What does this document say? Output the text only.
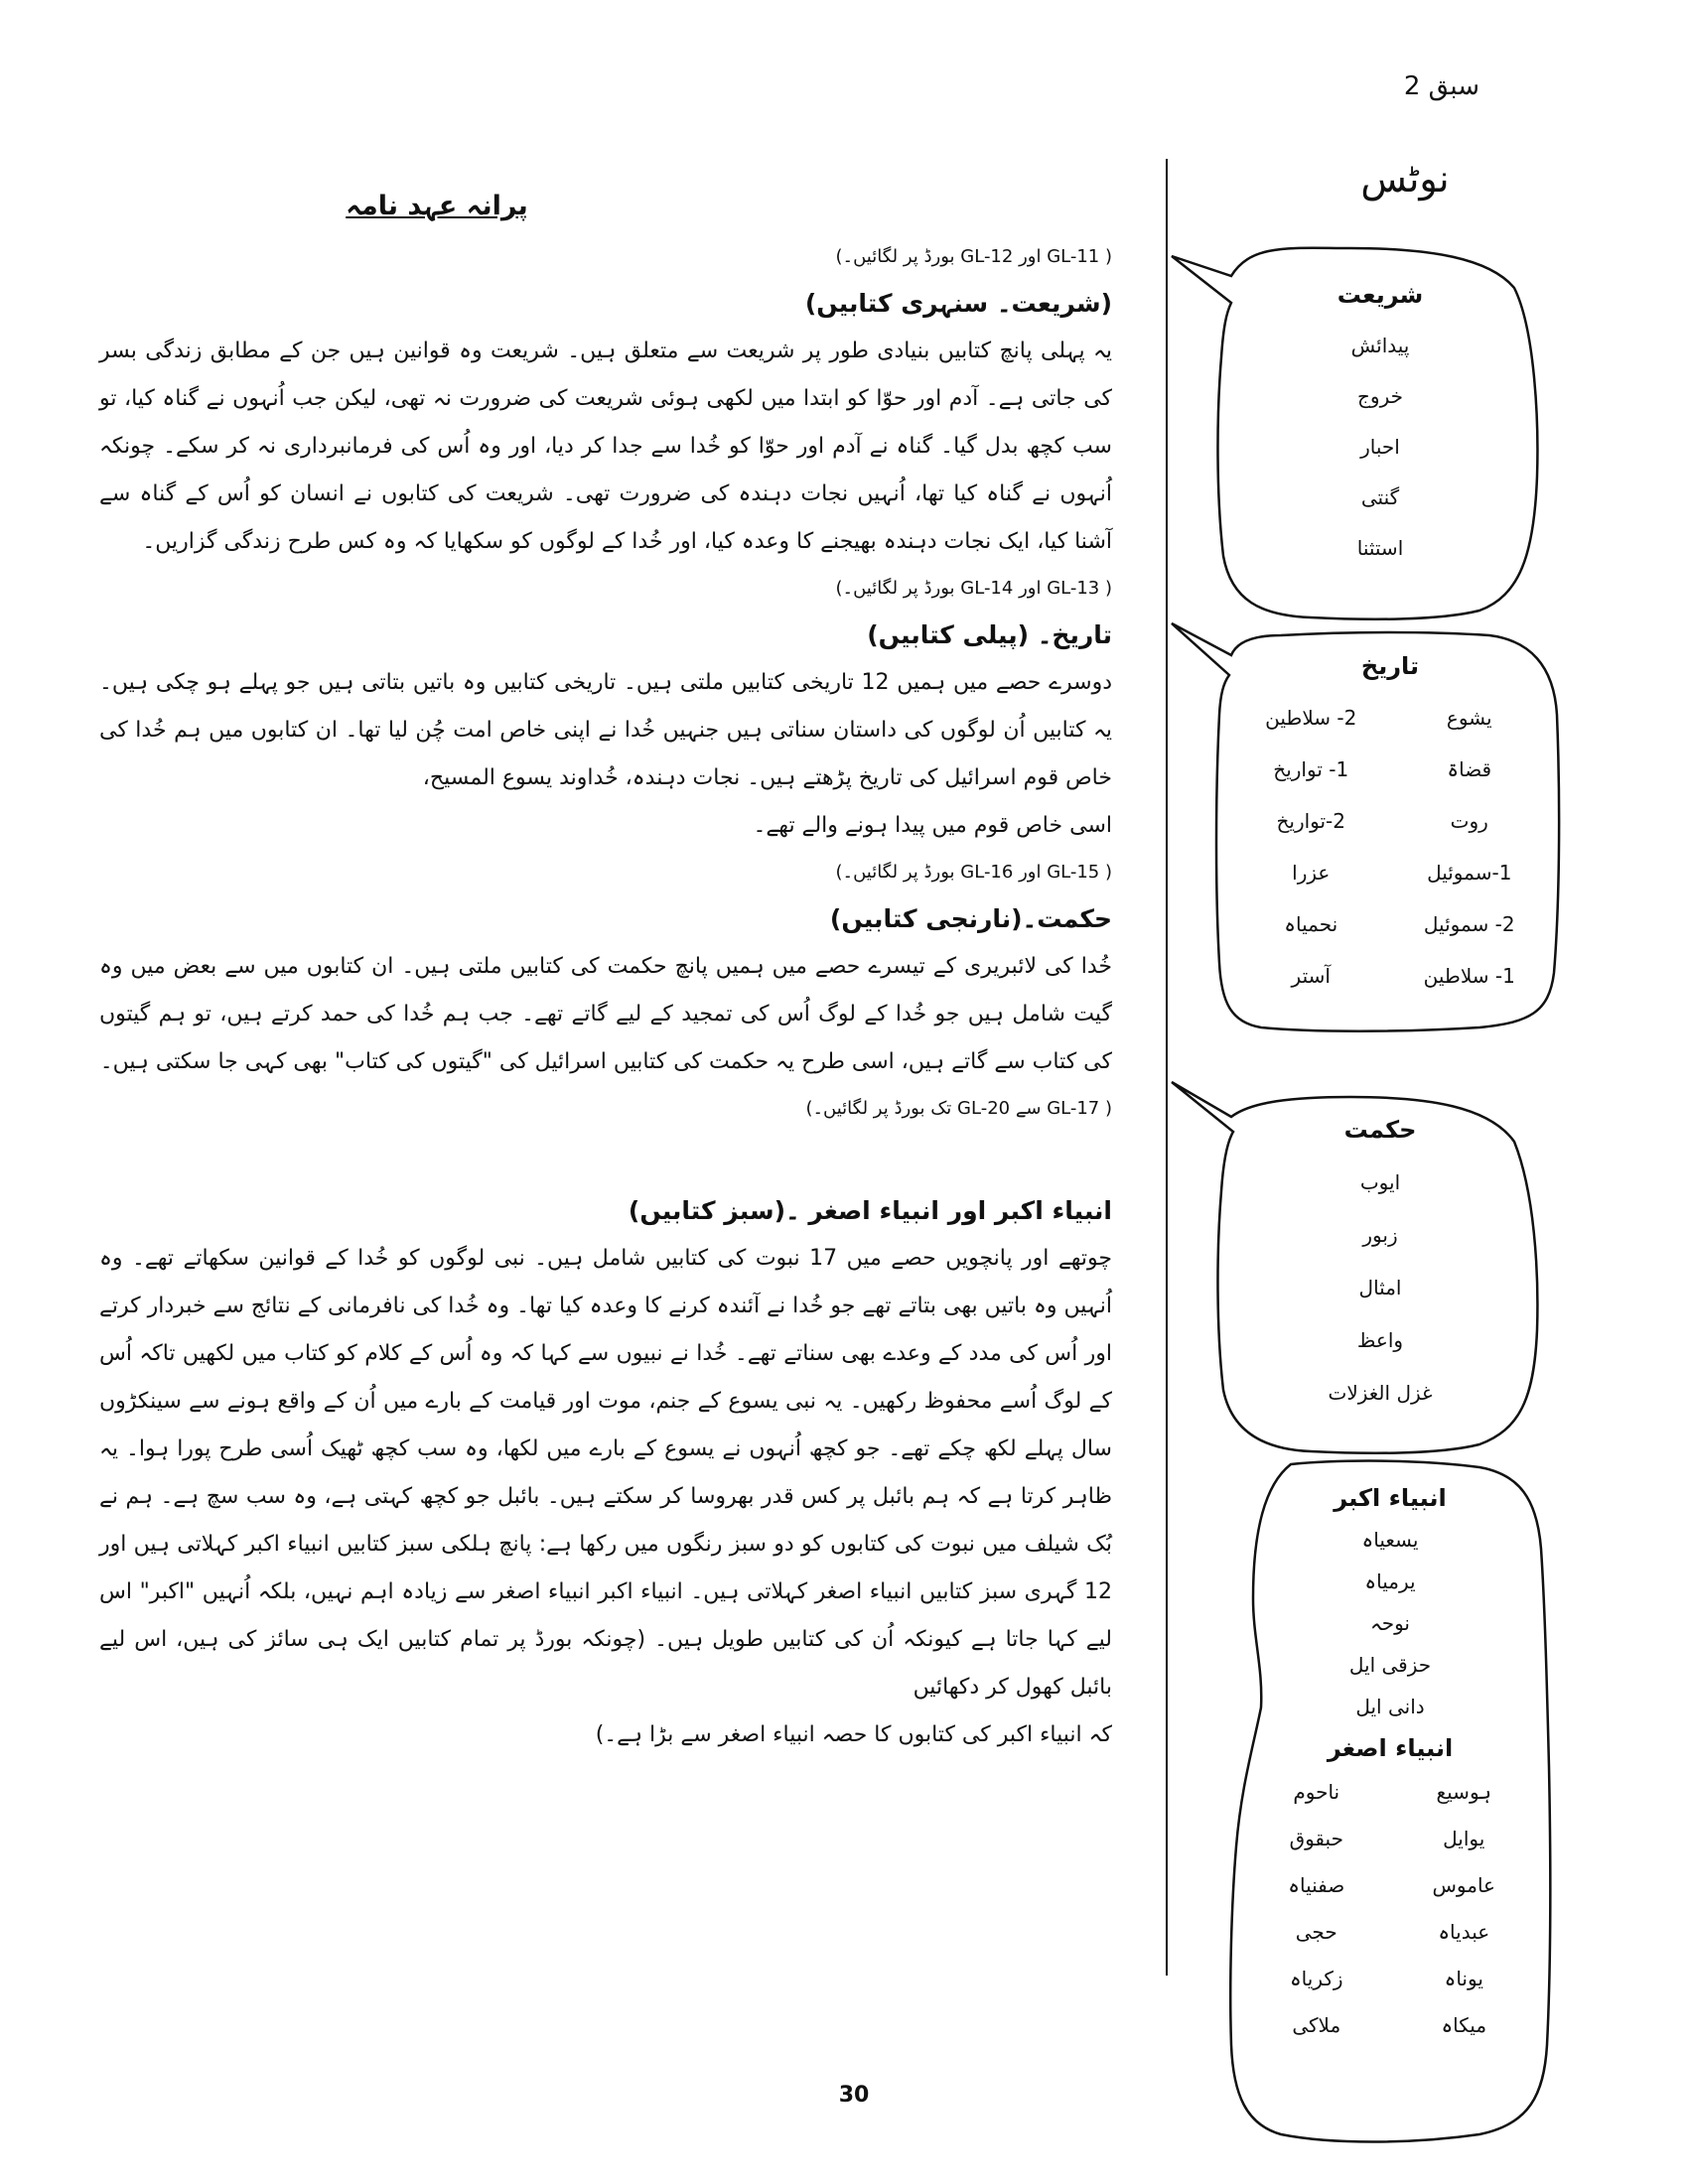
سبق 2
نوٹس
شریعت
پیدائش
خروج
احبار
گنتی
استثنا
تاریخ
یشوع
2- سلاطین
قضاۃ
1- تواریخ
روت
2-تواریخ
1-سموئیل
عزرا
2- سموئیل
نحمیاہ
1- سلاطین
آستر
حکمت
ایوب
زبور
امثال
واعظ
غزل الغزلات
انبیاء اکبر
یسعیاہ
یرمیاہ
نوحہ
حزقی ایل
دانی ایل
انبیاء اصغر
ہوسیع
ناحوم
یوایل
حبقوق
عاموس
صفنیاہ
عبدیاہ
حجی
یوناہ
زکریاہ
میکاہ
ملاکی
پرانہ عہد نامہ

( GL-11 اور GL-12 بورڈ پر لگائیں۔)

(شریعت۔ سنہری کتابیں)

یہ پہلی پانچ کتابیں بنیادی طور پر شریعت سے متعلق ہیں۔ شریعت وہ قوانین ہیں جن کے مطابق زندگی بسر کی جاتی ہے۔ آدم اور حوّا کو ابتدا میں لکھی ہوئی شریعت کی ضرورت نہ تھی، لیکن جب اُنہوں نے گناہ کیا، تو سب کچھ بدل گیا۔ گناہ نے آدم اور حوّا کو خُدا سے جدا کر دیا، اور وہ اُس کی فرمانبرداری نہ کر سکے۔ چونکہ اُنہوں نے گناہ کیا تھا، اُنہیں نجات دہندہ کی ضرورت تھی۔ شریعت کی کتابوں نے انسان کو اُس کے گناہ سے آشنا کیا، ایک نجات دہندہ بھیجنے کا وعدہ کیا، اور خُدا کے لوگوں کو سکھایا کہ وہ کس طرح زندگی گزاریں۔

( GL-13 اور GL-14 بورڈ پر لگائیں۔)

تاریخ۔ (پیلی کتابیں)

دوسرے حصے میں ہمیں 12 تاریخی کتابیں ملتی ہیں۔ تاریخی کتابیں وہ باتیں بتاتی ہیں جو پہلے ہو چکی ہیں۔ یہ کتابیں اُن لوگوں کی داستان سناتی ہیں جنہیں خُدا نے اپنی خاص امت چُن لیا تھا۔ ان کتابوں میں ہم خُدا کی خاص قوم اسرائیل کی تاریخ پڑھتے ہیں۔ نجات دہندہ، خُداوند یسوع المسیح،

اسی خاص قوم میں پیدا ہونے والے تھے۔

( GL-15 اور GL-16 بورڈ پر لگائیں۔)

حکمت۔(نارنجی کتابیں)

خُدا کی لائبریری کے تیسرے حصے میں ہمیں پانچ حکمت کی کتابیں ملتی ہیں۔ ان کتابوں میں سے بعض میں وہ گیت شامل ہیں جو خُدا کے لوگ اُس کی تمجید کے لیے گاتے تھے۔ جب ہم خُدا کی حمد کرتے ہیں، تو ہم گیتوں کی کتاب سے گاتے ہیں، اسی طرح یہ حکمت کی کتابیں اسرائیل کی "گیتوں کی کتاب" بھی کہی جا سکتی ہیں۔

( GL-17 سے GL-20 تک بورڈ پر لگائیں۔)

انبیاء اکبر اور انبیاء اصغر ۔(سبز کتابیں)

چوتھے اور پانچویں حصے میں 17 نبوت کی کتابیں شامل ہیں۔ نبی لوگوں کو خُدا کے قوانین سکھاتے تھے۔ وہ اُنہیں وہ باتیں بھی بتاتے تھے جو خُدا نے آئندہ کرنے کا وعدہ کیا تھا۔ وہ خُدا کی نافرمانی کے نتائج سے خبردار کرتے اور اُس کی مدد کے وعدے بھی سناتے تھے۔ خُدا نے نبیوں سے کہا کہ وہ اُس کے کلام کو کتاب میں لکھیں تاکہ اُس کے لوگ اُسے محفوظ رکھیں۔ یہ نبی یسوع کے جنم، موت اور قیامت کے بارے میں اُن کے واقع ہونے سے سینکڑوں سال پہلے لکھ چکے تھے۔ جو کچھ اُنہوں نے یسوع کے بارے میں لکھا، وہ سب کچھ ٹھیک اُسی طرح پورا ہوا۔ یہ ظاہر کرتا ہے کہ ہم بائبل پر کس قدر بھروسا کر سکتے ہیں۔ بائبل جو کچھ کہتی ہے، وہ سب سچ ہے۔ ہم نے بُک شیلف میں نبوت کی کتابوں کو دو سبز رنگوں میں رکھا ہے: پانچ ہلکی سبز کتابیں انبیاء اکبر کہلاتی ہیں اور 12 گہری سبز کتابیں انبیاء اصغر کہلاتی ہیں۔ انبیاء اکبر انبیاء اصغر سے زیادہ اہم نہیں، بلکہ اُنہیں "اکبر" اس لیے کہا جاتا ہے کیونکہ اُن کی کتابیں طویل ہیں۔ (چونکہ بورڈ پر تمام کتابیں ایک ہی سائز کی ہیں، اس لیے بائبل کھول کر دکھائیں

کہ انبیاء اکبر کی کتابوں کا حصہ انبیاء اصغر سے بڑا ہے۔)

30
